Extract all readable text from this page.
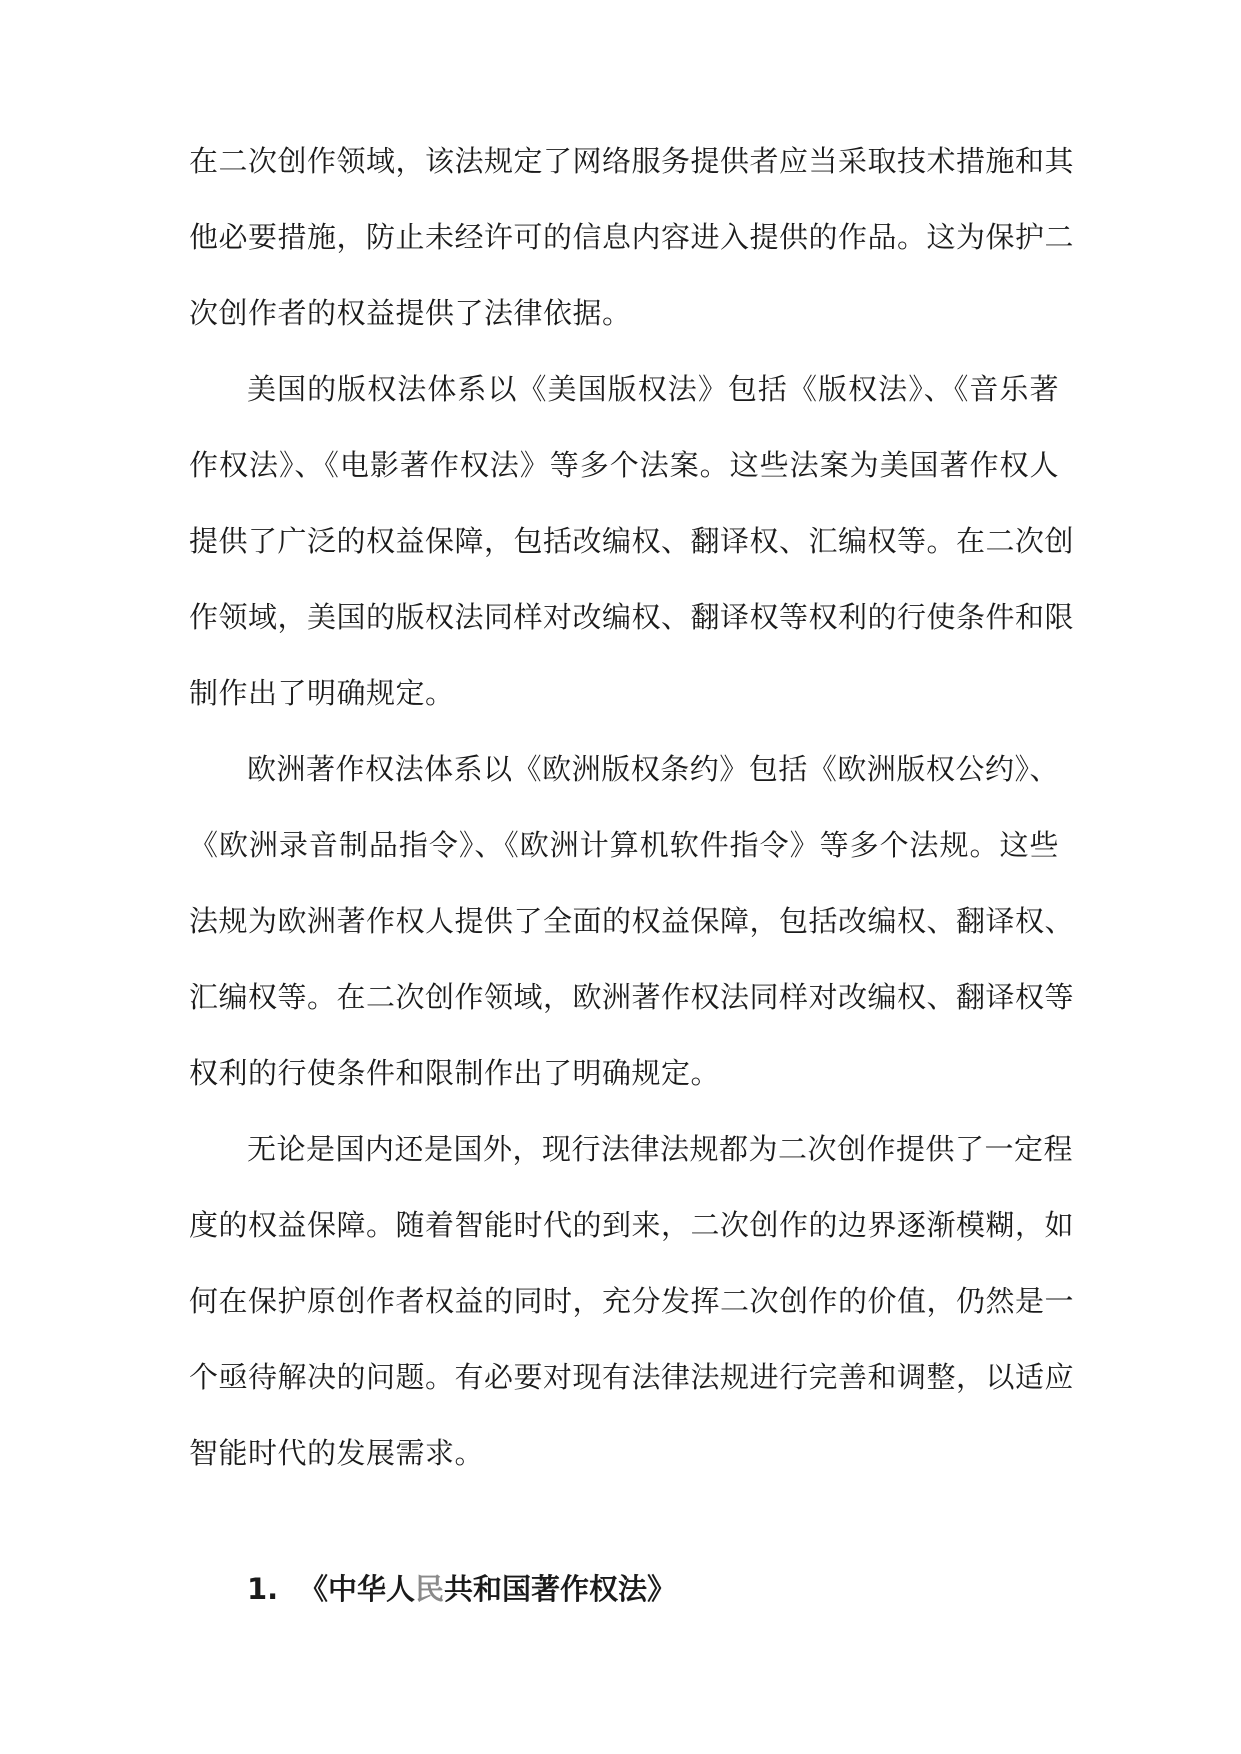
在二次创作领域，该法规定了网络服务提供者应当采取技术措施和其
他必要措施，防止未经许可的信息内容进入提供的作品。这为保护二
次创作者的权益提供了法律依据。
美国的版权法体系以《美国版权法》包括《版权法》、《音乐著
作权法》、《电影著作权法》等多个法案。这些法案为美国著作权人
提供了广泛的权益保障，包括改编权、翻译权、汇编权等。在二次创
作领域，美国的版权法同样对改编权、翻译权等权利的行使条件和限
制作出了明确规定。
欧洲著作权法体系以《欧洲版权条约》包括《欧洲版权公约》、
《欧洲录音制品指令》、《欧洲计算机软件指令》等多个法规。这些
法规为欧洲著作权人提供了全面的权益保障，包括改编权、翻译权、
汇编权等。在二次创作领域，欧洲著作权法同样对改编权、翻译权等
权利的行使条件和限制作出了明确规定。
无论是国内还是国外，现行法律法规都为二次创作提供了一定程
度的权益保障。随着智能时代的到来，二次创作的边界逐渐模糊，如
何在保护原创作者权益的同时，充分发挥二次创作的价值，仍然是一
个亟待解决的问题。有必要对现有法律法规进行完善和调整，以适应
智能时代的发展需求。
1. 《中华人民共和国著作权法》
